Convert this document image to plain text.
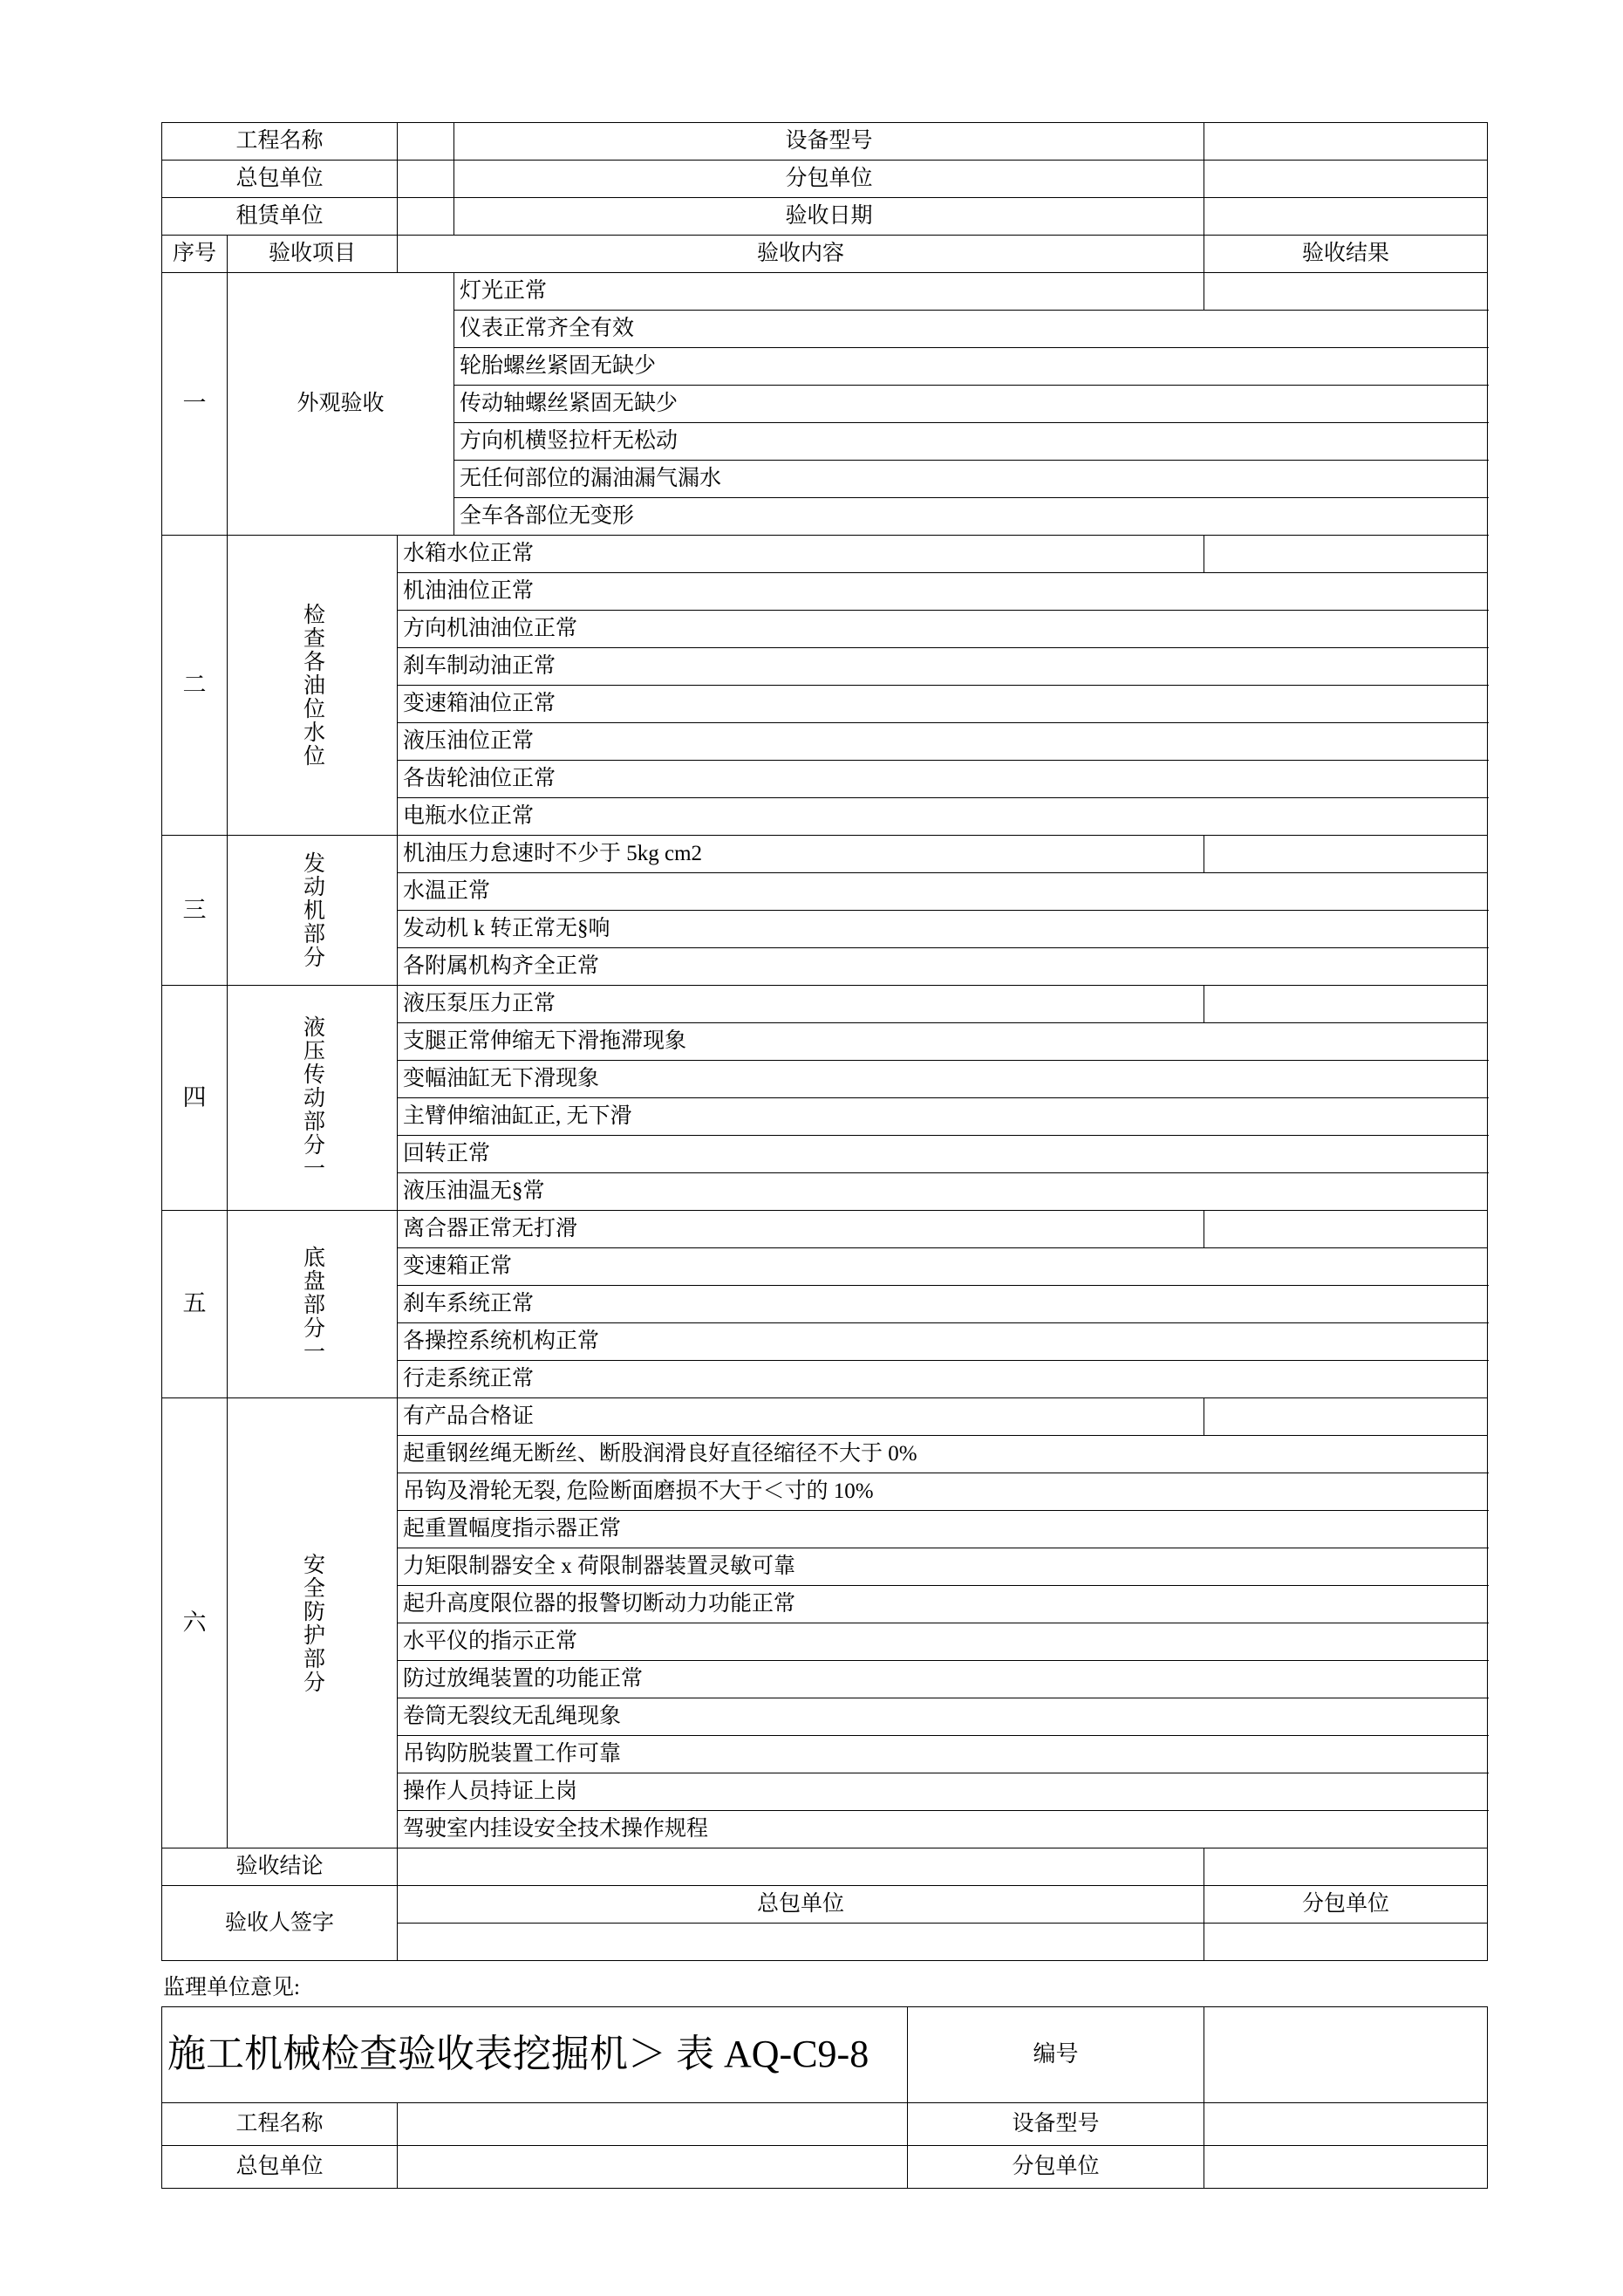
工程名称			设备型号		
总包单位			分包单位		
租赁单位			验收日期		
序号	验收项目	验收内容		验收结果	
一	外观验收		灯光正常		
			仪表正常齐全有效		
			轮胎螺丝紧固无缺少		
			传动轴螺丝紧固无缺少		
			方向机横竖拉杆无松动		
			无任何部位的漏油漏气漏水		
			全车各部位无变形		
二	检查各油位水位	水箱水位正常			
		机油油位正常			
		方向机油油位正常			
		刹车制动油正常			
		变速箱油位正常			
		液压油位正常			
		各齿轮油位正常			
		电瓶水位正常			
三	发动机部分	机油压力怠速时不少于 5kg cm2			
		水温正常			
		发动机 k 转正常无§响			
		各附属机构齐全正常			
四	液压传动部分一	液压泵压力正常			
		支腿正常伸缩无下滑拖滞现象			
		变幅油缸无下滑现象			
		主臂伸缩油缸正, 无下滑			
		回转正常			
		液压油温无§常			
五	底盘部分一	离合器正常无打滑			
		变速箱正常			
		刹车系统正常			
		各操控系统机构正常			
		行走系统正常			
六	安全防护部分	有产品合格证			
		起重钢丝绳无断丝、断股润滑良好直径缩径不大于 0%			
		吊钩及滑轮无裂, 危险断面磨损不大于＜寸的 10%			
		起重置幅度指示器正常			
		力矩限制器安全 x 荷限制器装置灵敏可靠			
		起升高度限位器的报警切断动力功能正常			
		水平仪的指示正常			
		防过放绳装置的功能正常			
		卷筒无裂纹无乱绳现象			
		吊钩防脱装置工作可靠			
		操作人员持证上岗			
		驾驶室内挂设安全技术操作规程			
验收结论					
验收人签字		总包单位		分包单位

监理单位意见:
施工机械检查验收表挖掘机＞ 表 AQ-C9-8		编号	
工程名称		设备型号	
总包单位		分包单位	
